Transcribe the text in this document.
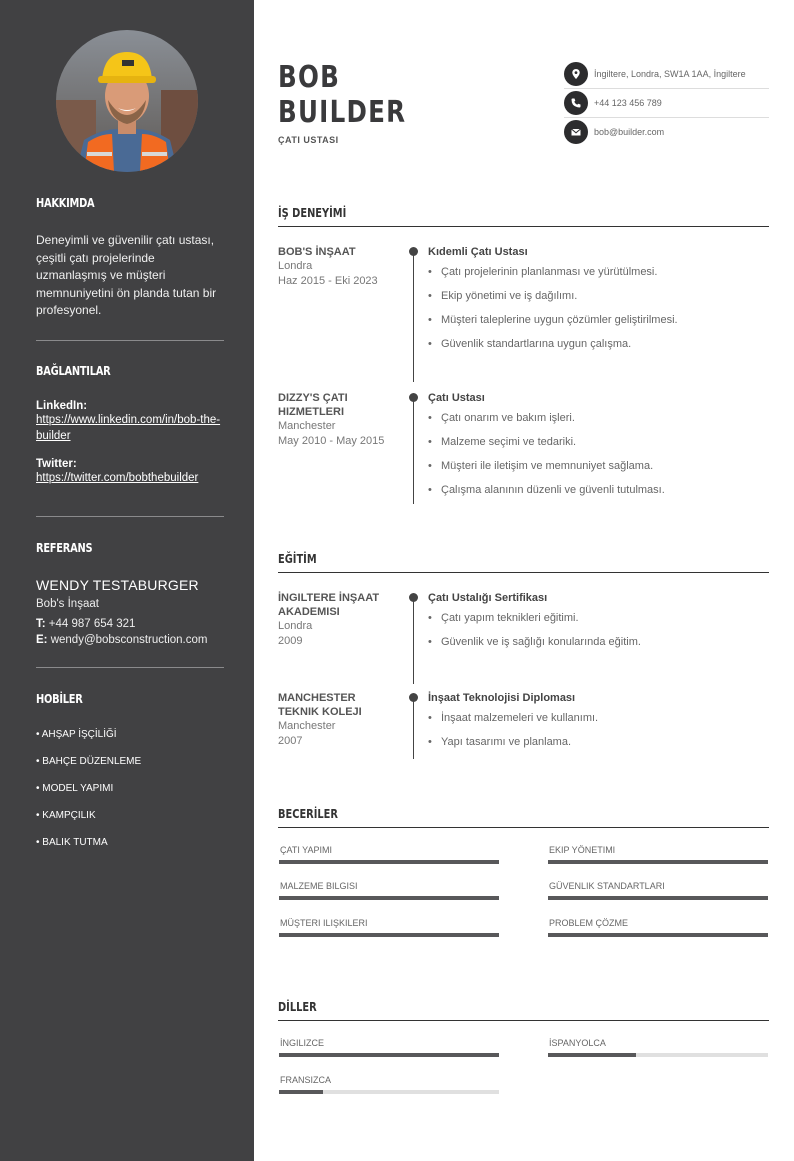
HAKKIMDA
Deneyimli ve güvenilir çatı ustası, çeşitli çatı projelerinde uzmanlaşmış ve müşteri memnuniyetini ön planda tutan bir profesyonel.
BAĞLANTILAR
LinkedIn:
https://www.linkedin.com/in/bob-the-builder
Twitter:
https://twitter.com/bobthebuilder
REFERANS
WENDY TESTABURGER
Bob's İnşaat
T: +44 987 654 321
E: wendy@bobsconstruction.com
HOBİLER
• AHŞAP İŞÇİLİĞİ
• BAHÇE DÜZENLEME
• MODEL YAPIMI
• KAMPÇILIK
• BALIK TUTMA
BOB
BUILDER
ÇATI USTASI
İngiltere, Londra, SW1A 1AA, İngiltere
+44 123 456 789
bob@builder.com
İŞ DENEYİMİ
BOB'S İNŞAAT
Londra
Haz 2015 - Eki 2023
Kıdemli Çatı Ustası
• Çatı projelerinin planlanması ve yürütülmesi.
• Ekip yönetimi ve iş dağılımı.
• Müşteri taleplerine uygun çözümler geliştirilmesi.
• Güvenlik standartlarına uygun çalışma.
DIZZY'S ÇATI HIZMETLERI
Manchester
May 2010 - May 2015
Çatı Ustası
• Çatı onarım ve bakım işleri.
• Malzeme seçimi ve tedariki.
• Müşteri ile iletişim ve memnuniyet sağlama.
• Çalışma alanının düzenli ve güvenli tutulması.
EĞİTİM
İNGILTERE İNŞAAT AKADEMISI
Londra
2009
Çatı Ustalığı Sertifikası
• Çatı yapım teknikleri eğitimi.
• Güvenlik ve iş sağlığı konularında eğitim.
MANCHESTER TEKNIK KOLEJI
Manchester
2007
İnşaat Teknolojisi Diploması
• İnşaat malzemeleri ve kullanımı.
• Yapı tasarımı ve planlama.
BECERİLER
ÇATI YAPIMI	EKIP YÖNETIMI
MALZEME BILGISI	GÜVENLIK STANDARTLARI
MÜŞTERI ILIŞKILERI	PROBLEM ÇÖZME
DİLLER
İNGILIZCE	İSPANYOLCA
FRANSIZCA
